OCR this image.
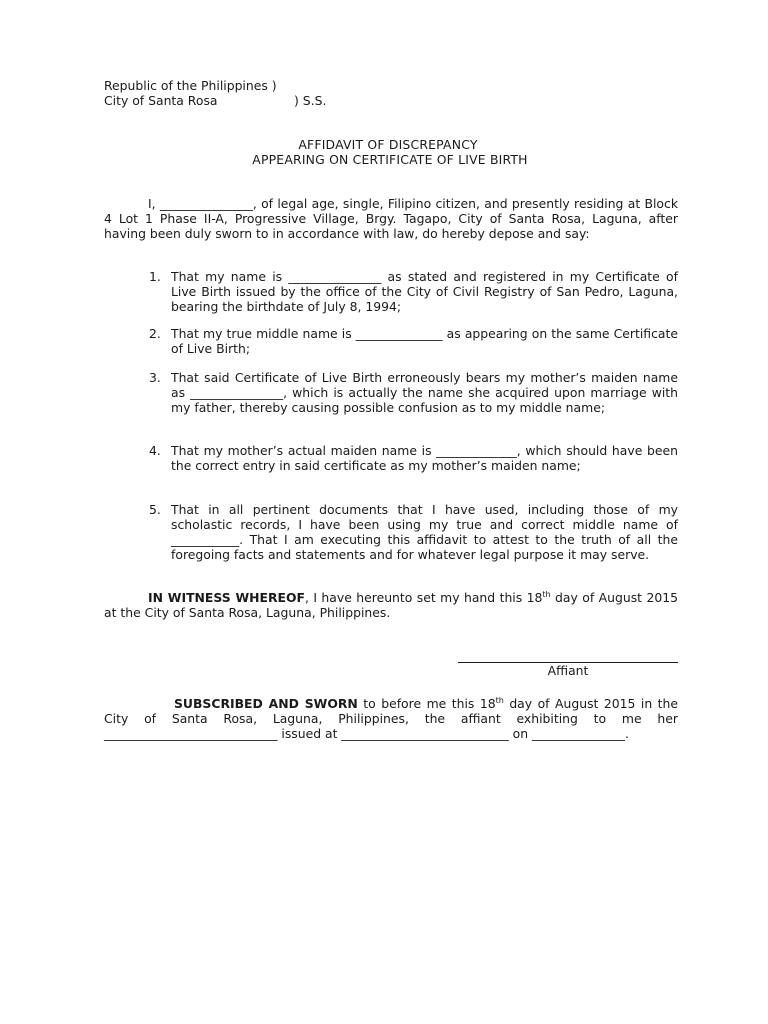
Republic of the Philippines )
City of Santa Rosa	) S.S.
AFFIDAVIT OF DISCREPANCY
APPEARING ON CERTIFICATE OF LIVE BIRTH
I, _______________, of legal age, single, Filipino citizen, and presently residing at Block 4 Lot 1 Phase II-A, Progressive Village, Brgy. Tagapo, City of Santa Rosa, Laguna, after having been duly sworn to in accordance with law, do hereby depose and say:
1. That my name is _______________ as stated and registered in my Certificate of Live Birth issued by the office of the City of Civil Registry of San Pedro, Laguna, bearing the birthdate of July 8, 1994;
2. That my true middle name is ______________ as appearing on the same Certificate of Live Birth;
3. That said Certificate of Live Birth erroneously bears my mother’s maiden name as _______________, which is actually the name she acquired upon marriage with my father, thereby causing possible confusion as to my middle name;
4. That my mother’s actual maiden name is _____________, which should have been the correct entry in said certificate as my mother’s maiden name;
5. That in all pertinent documents that I have used, including those of my scholastic records, I have been using my true and correct middle name of ___________. That I am executing this affidavit to attest to the truth of all the foregoing facts and statements and for whatever legal purpose it may serve.
IN WITNESS WHEREOF, I have hereunto set my hand this 18th day of August 2015 at the City of Santa Rosa, Laguna, Philippines.
Affiant
SUBSCRIBED AND SWORN to before me this 18th day of August 2015 in the City of Santa Rosa, Laguna, Philippines, the affiant exhibiting to me her ____________________________ issued at ___________________________ on _______________.
